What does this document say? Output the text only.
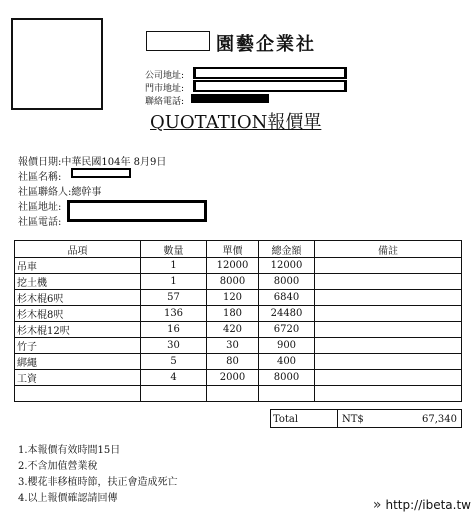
園藝企業社
公司地址:
門市地址:
聯絡電話:
QUOTATION報價單
報價日期:中華民國104年 8月9日
社區名稱:
社區聯絡人:總幹事
社區地址:
社區電話:
品項	數量	單價	總金額	備註
吊車	1	12000	12000	
挖土機	1	8000	8000	
杉木棍6呎	57	120	6840	
杉木棍8呎	136	180	24480	
杉木棍12呎	16	420	6720	
竹子	30	30	900	
綁繩	5	80	400	
工資	4	2000	8000	

Total	NT$	67,340
1.本報價有效時間15日
2.不含加值營業稅
3.櫻花非移植時節，扶正會造成死亡
4.以上報價確認請回傳	» http://ibeta.tw
